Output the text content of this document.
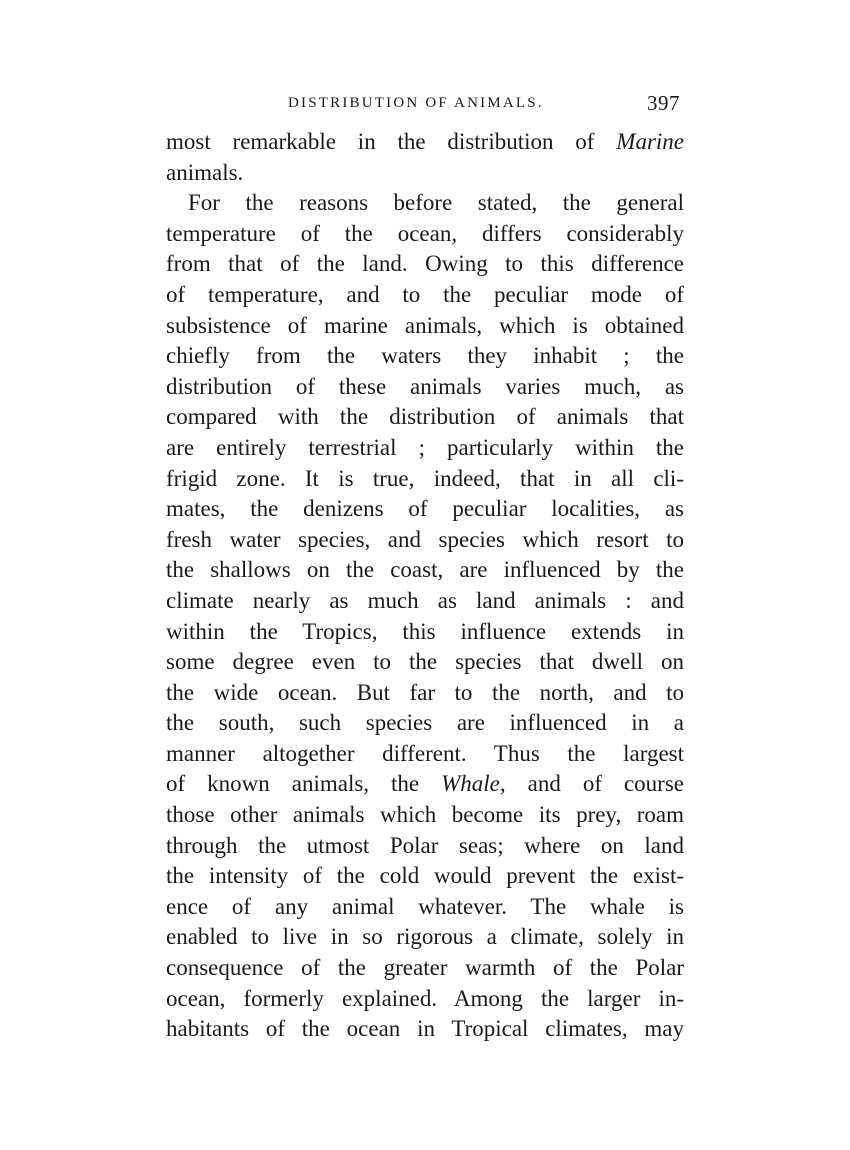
DISTRIBUTION OF ANIMALS.	397
most remarkable in the distribution of Marine
animals.
For the reasons before stated, the general
temperature of the ocean, differs considerably
from that of the land. Owing to this difference
of temperature, and to the peculiar mode of
subsistence of marine animals, which is obtained
chiefly from the waters they inhabit ; the
distribution of these animals varies much, as
compared with the distribution of animals that
are entirely terrestrial ; particularly within the
frigid zone. It is true, indeed, that in all cli-
mates, the denizens of peculiar localities, as
fresh water species, and species which resort to
the shallows on the coast, are influenced by the
climate nearly as much as land animals : and
within the Tropics, this influence extends in
some degree even to the species that dwell on
the wide ocean. But far to the north, and to
the south, such species are influenced in a
manner altogether different. Thus the largest
of known animals, the Whale, and of course
those other animals which become its prey, roam
through the utmost Polar seas; where on land
the intensity of the cold would prevent the exist-
ence of any animal whatever. The whale is
enabled to live in so rigorous a climate, solely in
consequence of the greater warmth of the Polar
ocean, formerly explained. Among the larger in-
habitants of the ocean in Tropical climates, may
